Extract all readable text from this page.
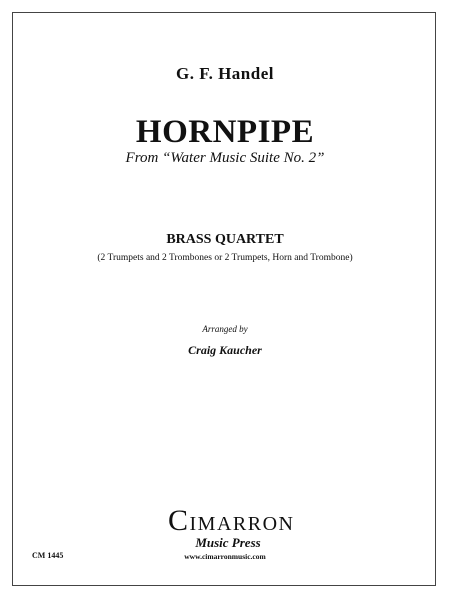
G. F. Handel
HORNPIPE
From “Water Music Suite No. 2”
BRASS QUARTET
(2 Trumpets and 2 Trombones or 2 Trumpets, Horn and Trombone)
Arranged by
Craig Kaucher
CIMARRON
Music Press
www.cimarronmusic.com
CM 1445
